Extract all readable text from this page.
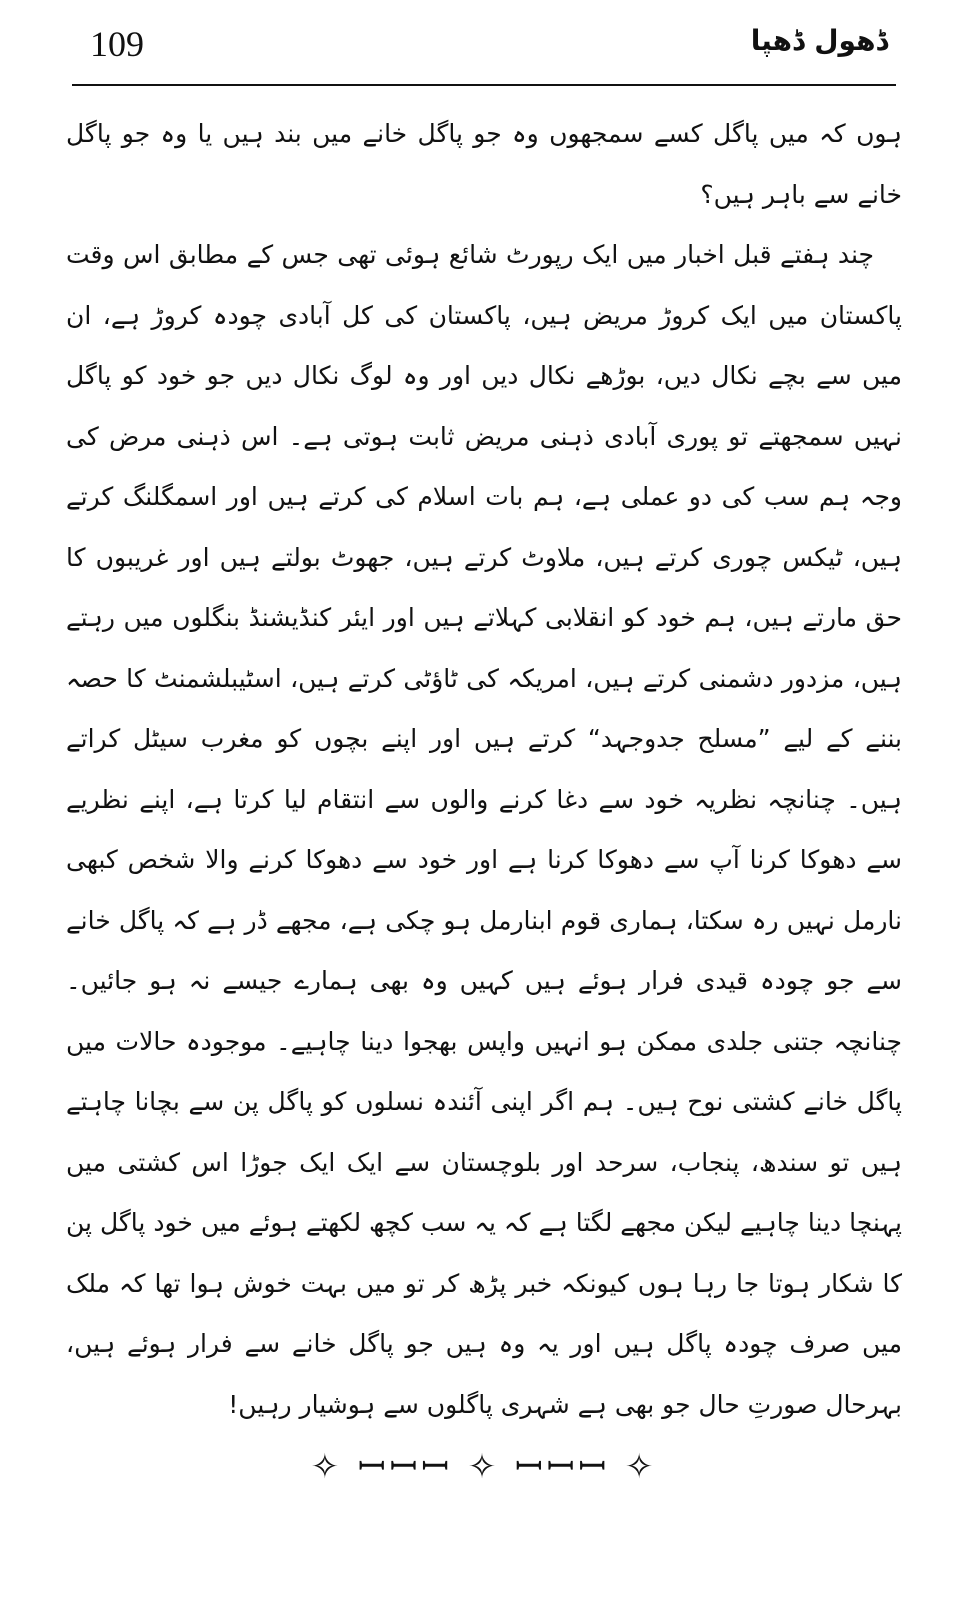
109	ڈھول ڈھپا

ہوں کہ میں پاگل کسے سمجھوں وہ جو پاگل خانے میں بند ہیں یا وہ جو پاگل خانے سے باہر ہیں؟

چند ہفتے قبل اخبار میں ایک رپورٹ شائع ہوئی تھی جس کے مطابق اس وقت پاکستان میں ایک کروڑ مریض ہیں، پاکستان کی کل آبادی چودہ کروڑ ہے، ان میں سے بچے نکال دیں، بوڑھے نکال دیں اور وہ لوگ نکال دیں جو خود کو پاگل نہیں سمجھتے تو پوری آبادی ذہنی مریض ثابت ہوتی ہے۔ اس ذہنی مرض کی وجہ ہم سب کی دو عملی ہے، ہم بات اسلام کی کرتے ہیں اور اسمگلنگ کرتے ہیں، ٹیکس چوری کرتے ہیں، ملاوٹ کرتے ہیں، جھوٹ بولتے ہیں اور غریبوں کا حق مارتے ہیں، ہم خود کو انقلابی کہلاتے ہیں اور ایئر کنڈیشنڈ بنگلوں میں رہتے ہیں، مزدور دشمنی کرتے ہیں، امریکہ کی ٹاؤٹی کرتے ہیں، اسٹیبلشمنٹ کا حصہ بننے کے لیے ”مسلح جدوجہد“ کرتے ہیں اور اپنے بچوں کو مغرب سیٹل کراتے ہیں۔ چنانچہ نظریہ خود سے دغا کرنے والوں سے انتقام لیا کرتا ہے، اپنے نظریے سے دھوکا کرنا آپ سے دھوکا کرنا ہے اور خود سے دھوکا کرنے والا شخص کبھی نارمل نہیں رہ سکتا، ہماری قوم ابنارمل ہو چکی ہے، مجھے ڈر ہے کہ پاگل خانے سے جو چودہ قیدی فرار ہوئے ہیں کہیں وہ بھی ہمارے جیسے نہ ہو جائیں۔ چنانچہ جتنی جلدی ممکن ہو انہیں واپس بھجوا دینا چاہیے۔ موجودہ حالات میں پاگل خانے کشتی نوح ہیں۔ ہم اگر اپنی آئندہ نسلوں کو پاگل پن سے بچانا چاہتے ہیں تو سندھ، پنجاب، سرحد اور بلوچستان سے ایک ایک جوڑا اس کشتی میں پہنچا دینا چاہیے لیکن مجھے لگتا ہے کہ یہ سب کچھ لکھتے ہوئے میں خود پاگل پن کا شکار ہوتا جا رہا ہوں کیونکہ خبر پڑھ کر تو میں بہت خوش ہوا تھا کہ ملک میں صرف چودہ پاگل ہیں اور یہ وہ ہیں جو پاگل خانے سے فرار ہوئے ہیں، بہرحال صورتِ حال جو بھی ہے شہری پاگلوں سے ہوشیار رہیں!

✧ ꟷꟷꟷ ✧ ꟷꟷꟷ ✧
